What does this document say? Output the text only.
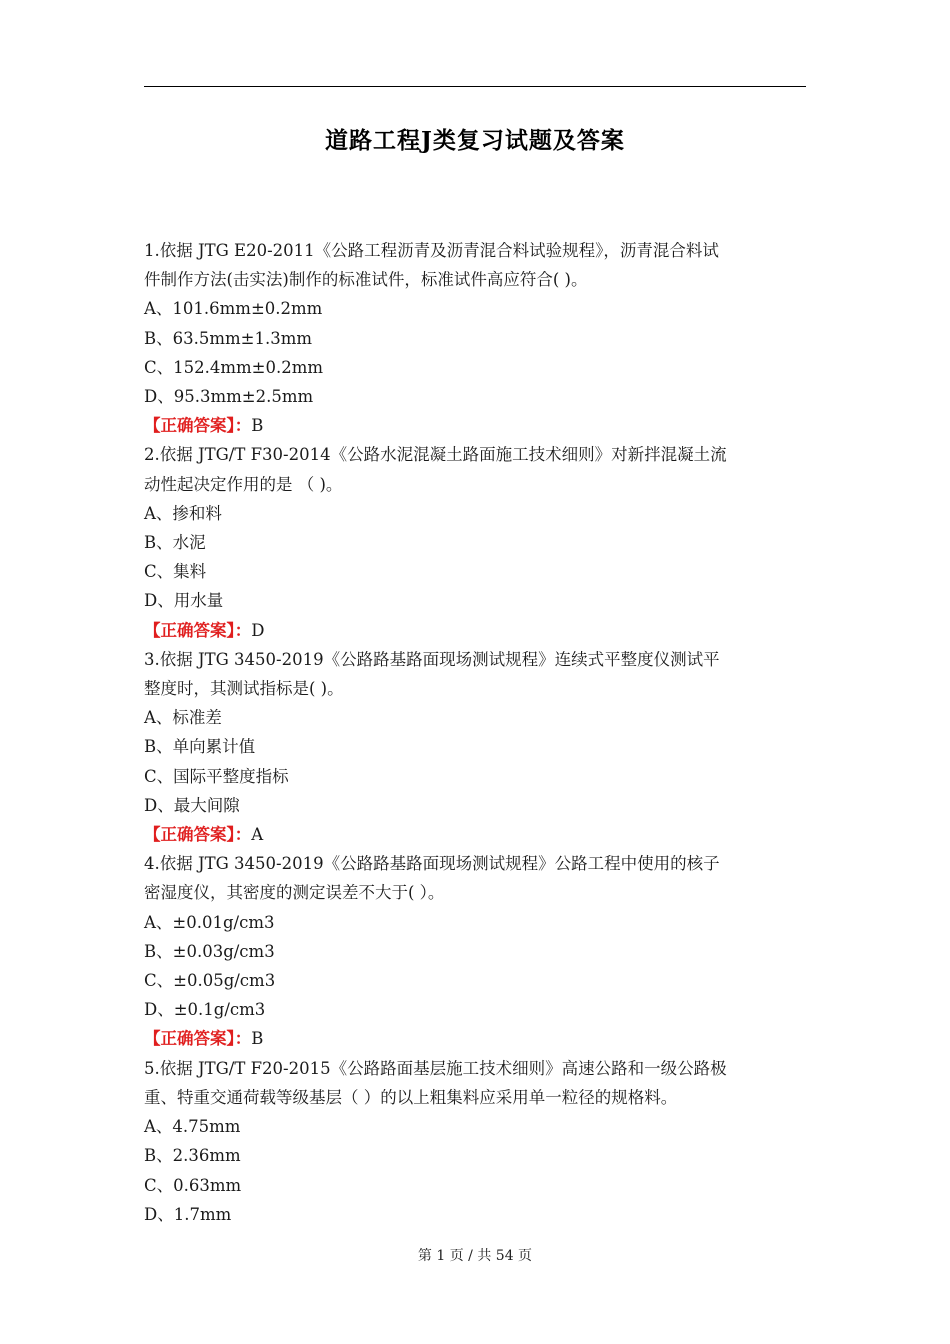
道路工程J类复习试题及答案
1.依据 JTG E20-2011《公路工程沥青及沥青混合料试验规程》，沥青混合料试
件制作方法(击实法)制作的标准试件，标准试件高应符合( )。
A、101.6mm±0.2mm
B、63.5mm±1.3mm
C、152.4mm±0.2mm
D、95.3mm±2.5mm
【正确答案】：B
2.依据 JTG/T F30-2014《公路水泥混凝土路面施工技术细则》对新拌混凝土流
动性起决定作用的是 （ )。
A、掺和料
B、水泥
C、集料
D、用水量
【正确答案】：D
3.依据 JTG 3450-2019《公路路基路面现场测试规程》连续式平整度仪测试平
整度时，其测试指标是( )。
A、标准差
B、单向累计值
C、国际平整度指标
D、最大间隙
【正确答案】：A
4.依据 JTG 3450-2019《公路路基路面现场测试规程》公路工程中使用的核子
密湿度仪，其密度的测定误差不大于( ）。
A、±0.01g/cm3
B、±0.03g/cm3
C、±0.05g/cm3
D、±0.1g/cm3
【正确答案】：B
5.依据 JTG/T F20-2015《公路路面基层施工技术细则》高速公路和一级公路极
重、特重交通荷载等级基层（ ）的以上粗集料应采用单一粒径的规格料。
A、4.75mm
B、2.36mm
C、0.63mm
D、1.7mm
第 1 页 / 共 54 页
